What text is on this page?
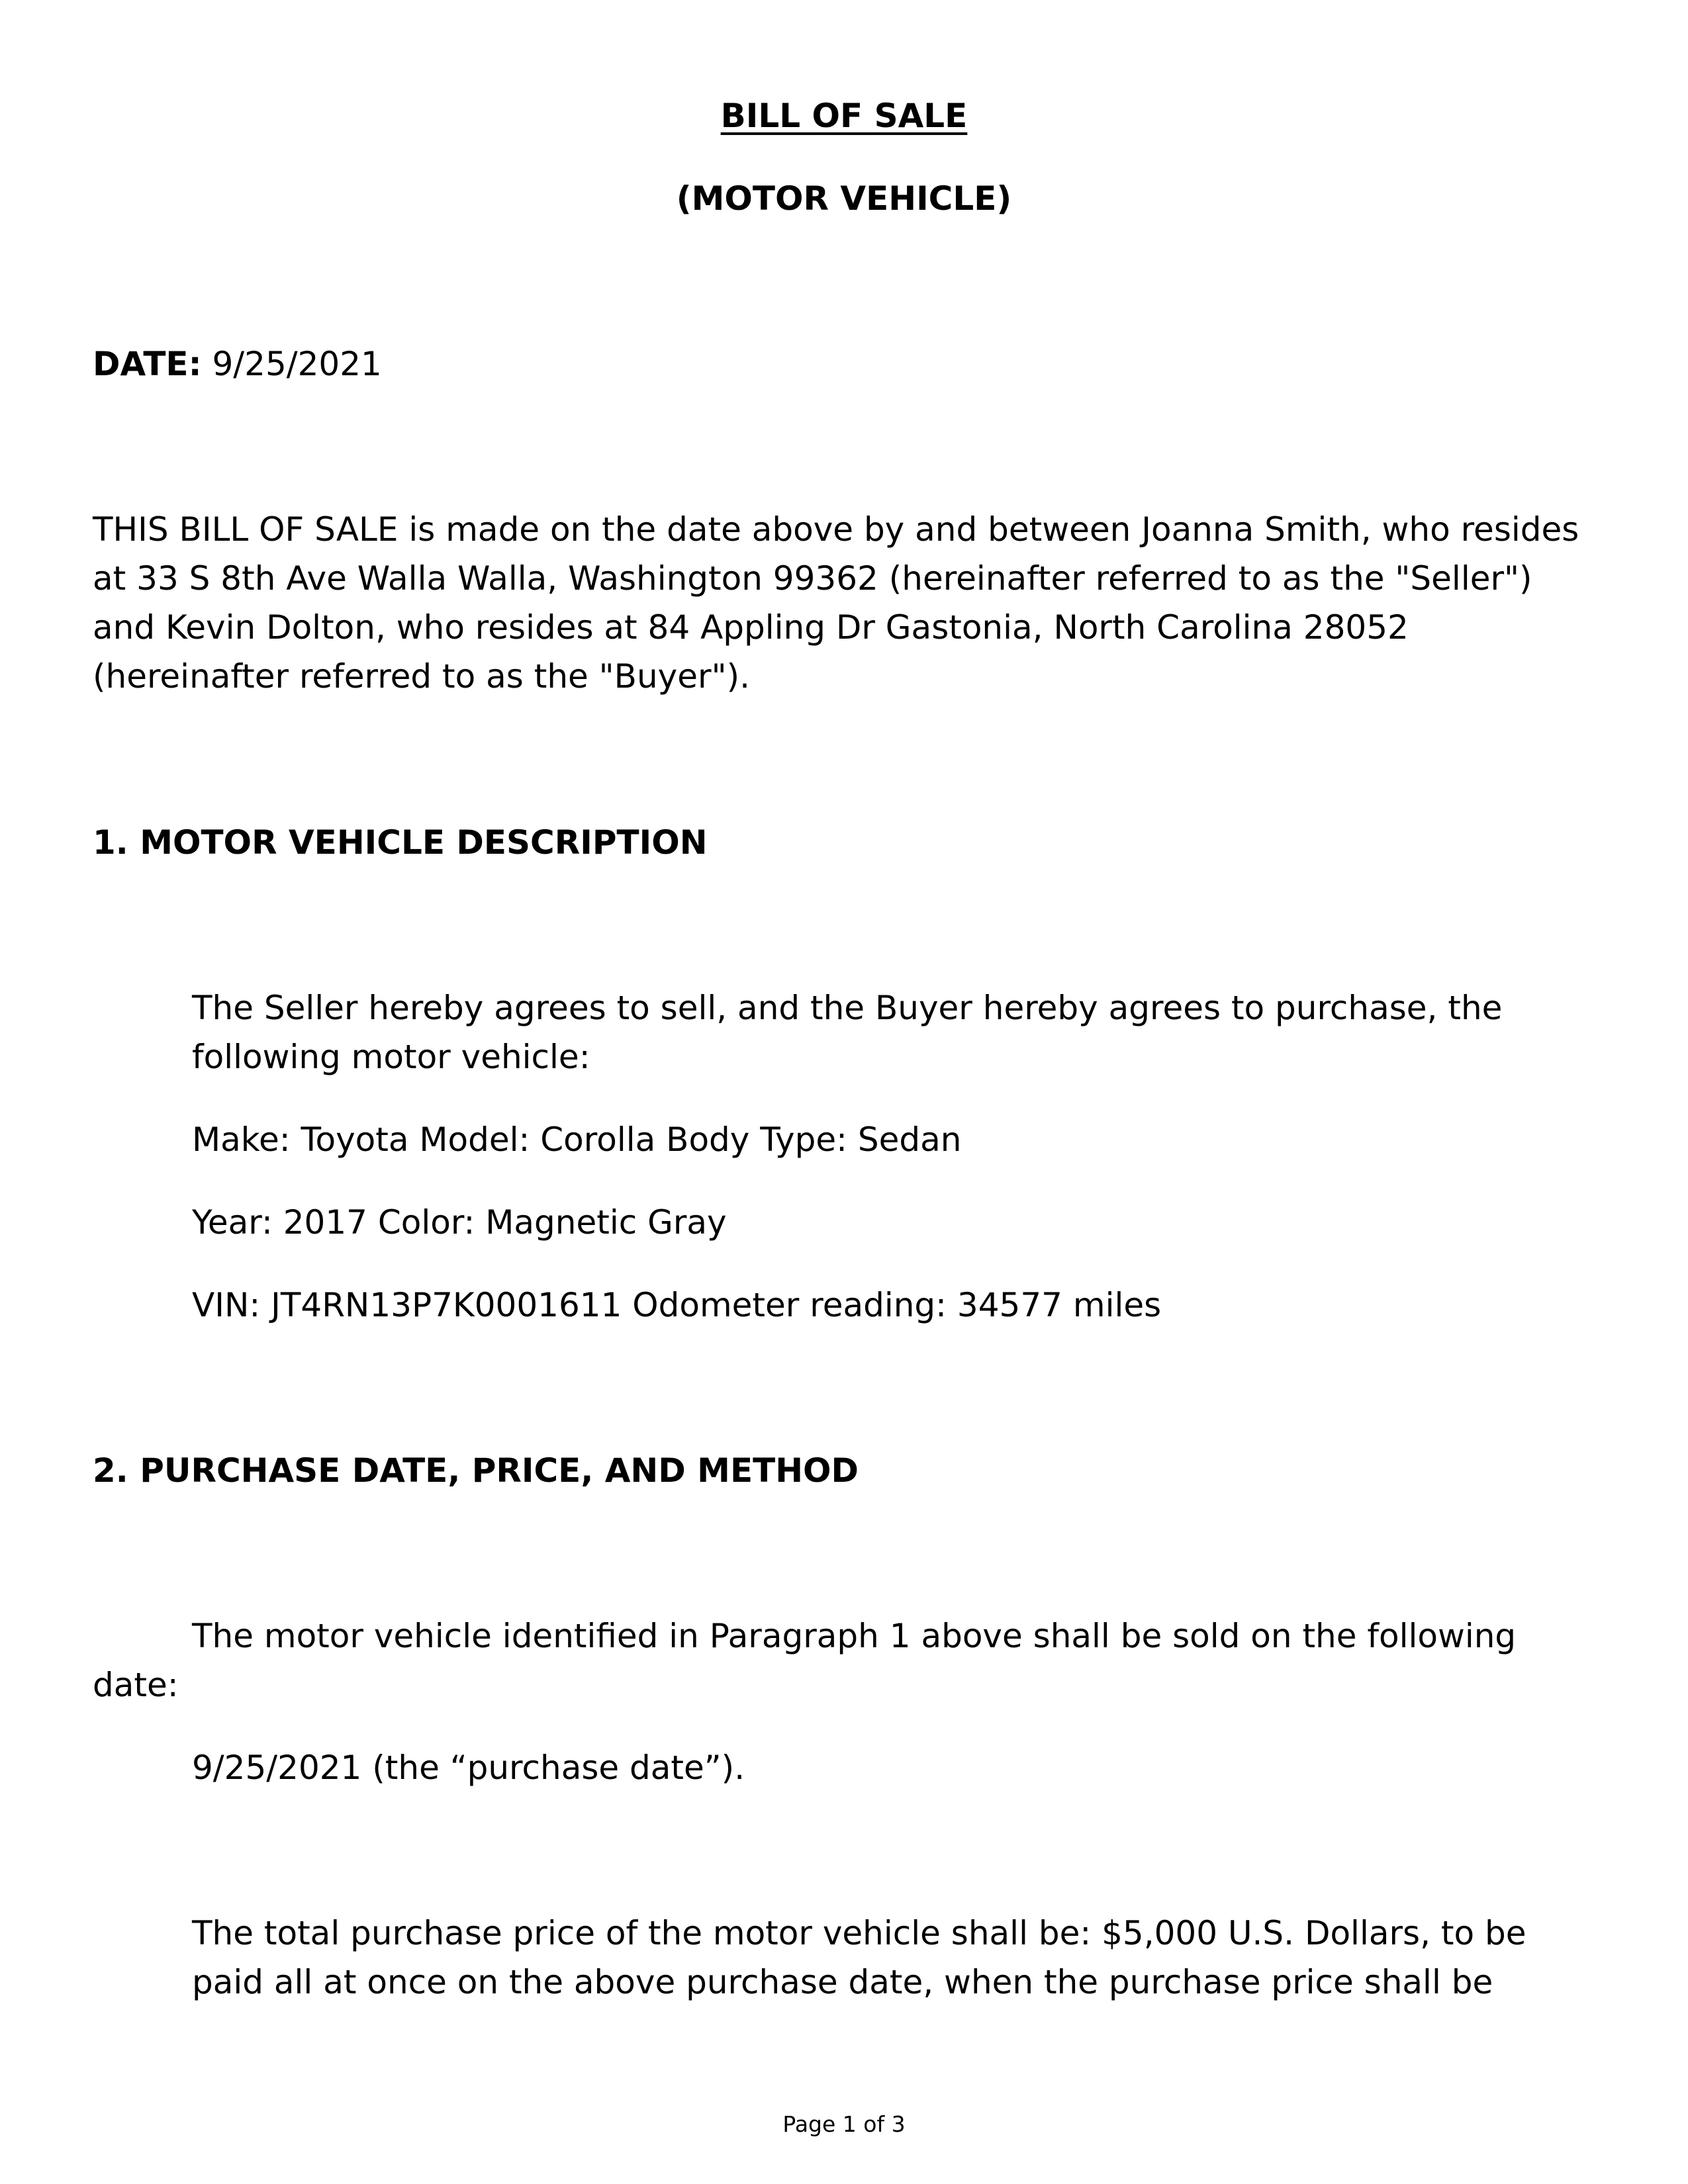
BILL OF SALE
(MOTOR VEHICLE)
DATE: 9/25/2021
THIS BILL OF SALE is made on the date above by and between Joanna Smith, who resides
at 33 S 8th Ave Walla Walla, Washington 99362 (hereinafter referred to as the "Seller")
and Kevin Dolton, who resides at 84 Appling Dr Gastonia, North Carolina 28052
(hereinafter referred to as the "Buyer").
1. MOTOR VEHICLE DESCRIPTION
The Seller hereby agrees to sell, and the Buyer hereby agrees to purchase, the
following motor vehicle:
Make: Toyota Model: Corolla Body Type: Sedan
Year: 2017 Color: Magnetic Gray
VIN: JT4RN13P7K0001611 Odometer reading: 34577 miles
2. PURCHASE DATE, PRICE, AND METHOD
The motor vehicle identified in Paragraph 1 above shall be sold on the following
date:
9/25/2021 (the “purchase date”).
The total purchase price of the motor vehicle shall be: $5,000 U.S. Dollars, to be
paid all at once on the above purchase date, when the purchase price shall be
Page 1 of 3
